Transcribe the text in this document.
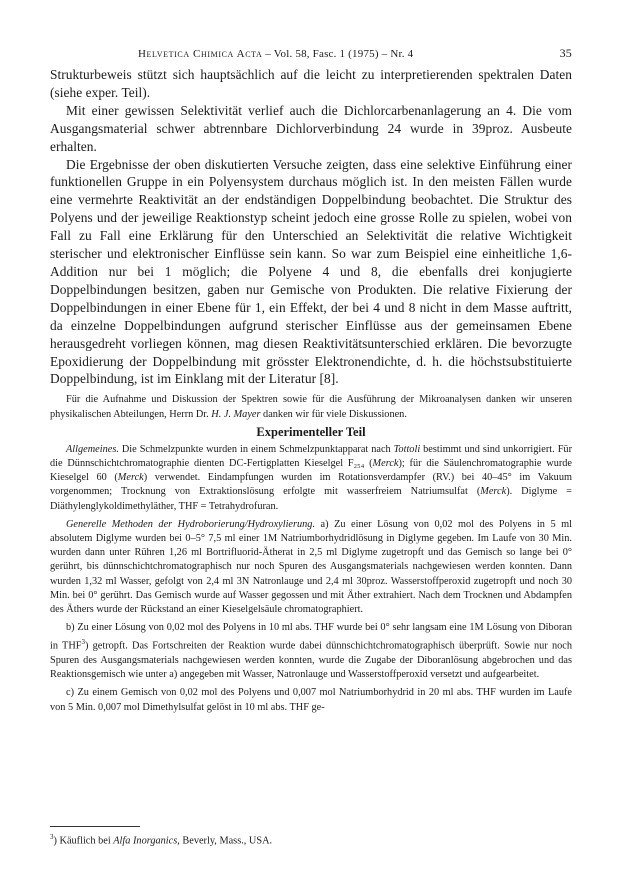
Helvetica Chimica Acta – Vol. 58, Fasc. 1 (1975) – Nr. 4	35

Strukturbeweis stützt sich hauptsächlich auf die leicht zu interpretierenden spektralen Daten (siehe exper. Teil).

Mit einer gewissen Selektivität verlief auch die Dichlorcarbenanlagerung an 4. Die vom Ausgangsmaterial schwer abtrennbare Dichlorverbindung 24 wurde in 39proz. Ausbeute erhalten.

Die Ergebnisse der oben diskutierten Versuche zeigten, dass eine selektive Einführung einer funktionellen Gruppe in ein Polyensystem durchaus möglich ist. In den meisten Fällen wurde eine vermehrte Reaktivität an der endständigen Doppelbindung beobachtet. Die Struktur des Polyens und der jeweilige Reaktionstyp scheint jedoch eine grosse Rolle zu spielen, wobei von Fall zu Fall eine Erklärung für den Unterschied an Selektivität die relative Wichtigkeit sterischer und elektronischer Einflüsse sein kann. So war zum Beispiel eine einheitliche 1,6-Addition nur bei 1 möglich; die Polyene 4 und 8, die ebenfalls drei konjugierte Doppelbindungen besitzen, gaben nur Gemische von Produkten. Die relative Fixierung der Doppelbindungen in einer Ebene für 1, ein Effekt, der bei 4 und 8 nicht in dem Masse auftritt, da einzelne Doppelbindungen aufgrund sterischer Einflüsse aus der gemeinsamen Ebene herausgedreht vorliegen können, mag diesen Reaktivitätsunterschied erklären. Die bevorzugte Epoxidierung der Doppelbindung mit grösster Elektronendichte, d. h. die höchstsubstituierte Doppelbindung, ist im Einklang mit der Literatur [8].

Für die Aufnahme und Diskussion der Spektren sowie für die Ausführung der Mikroanalysen danken wir unseren physikalischen Abteilungen, Herrn Dr. H. J. Mayer danken wir für viele Diskussionen.

Experimenteller Teil

Allgemeines. Die Schmelzpunkte wurden in einem Schmelzpunktapparat nach Tottoli bestimmt und sind unkorrigiert. Für die Dünnschichtchromatographie dienten DC-Fertigplatten Kieselgel F₂₅₄ (Merck); für die Säulenchromatographie wurde Kieselgel 60 (Merck) verwendet. Eindampfungen wurden im Rotationsverdampfer (RV.) bei 40–45° im Vakuum vorgenommen; Trocknung von Extraktionslösung erfolgte mit wasserfreiem Natriumsulfat (Merck). Diglyme = Diäthylenglykoldimethyläther, THF = Tetrahydrofuran.

Generelle Methoden der Hydroborierung/Hydroxylierung. a) Zu einer Lösung von 0,02 mol des Polyens in 5 ml absolutem Diglyme wurden bei 0–5° 7,5 ml einer 1M Natriumborhydridlösung in Diglyme gegeben. Im Laufe von 30 Min. wurden dann unter Rühren 1,26 ml Bortrifluorid-Ätherat in 2,5 ml Diglyme zugetropft und das Gemisch so lange bei 0° gerührt, bis dünnschichtchromatographisch nur noch Spuren des Ausgangsmaterials nachgewiesen werden konnten. Dann wurden 1,32 ml Wasser, gefolgt von 2,4 ml 3N Natronlauge und 2,4 ml 30proz. Wasserstoffperoxid zugetropft und noch 30 Min. bei 0° gerührt. Das Gemisch wurde auf Wasser gegossen und mit Äther extrahiert. Nach dem Trocknen und Abdampfen des Äthers wurde der Rückstand an einer Kieselgelsäule chromatographiert.

b) Zu einer Lösung von 0,02 mol des Polyens in 10 ml abs. THF wurde bei 0° sehr langsam eine 1M Lösung von Diboran in THF$^3$) getropft. Das Fortschreiten der Reaktion wurde dabei dünnschichtchromatographisch überprüft. Sowie nur noch Spuren des Ausgangsmaterials nachgewiesen werden konnten, wurde die Zugabe der Diboranlösung abgebrochen und das Reaktionsgemisch wie unter a) angegeben mit Wasser, Natronlauge und Wasserstoffperoxid versetzt und aufgearbeitet.

c) Zu einem Gemisch von 0,02 mol des Polyens und 0,007 mol Natriumborhydrid in 20 ml abs. THF wurden im Laufe von 5 Min. 0,007 mol Dimethylsulfat gelöst in 10 ml abs. THF ge-

$^3$) Käuflich bei Alfa Inorganics, Beverly, Mass., USA.
